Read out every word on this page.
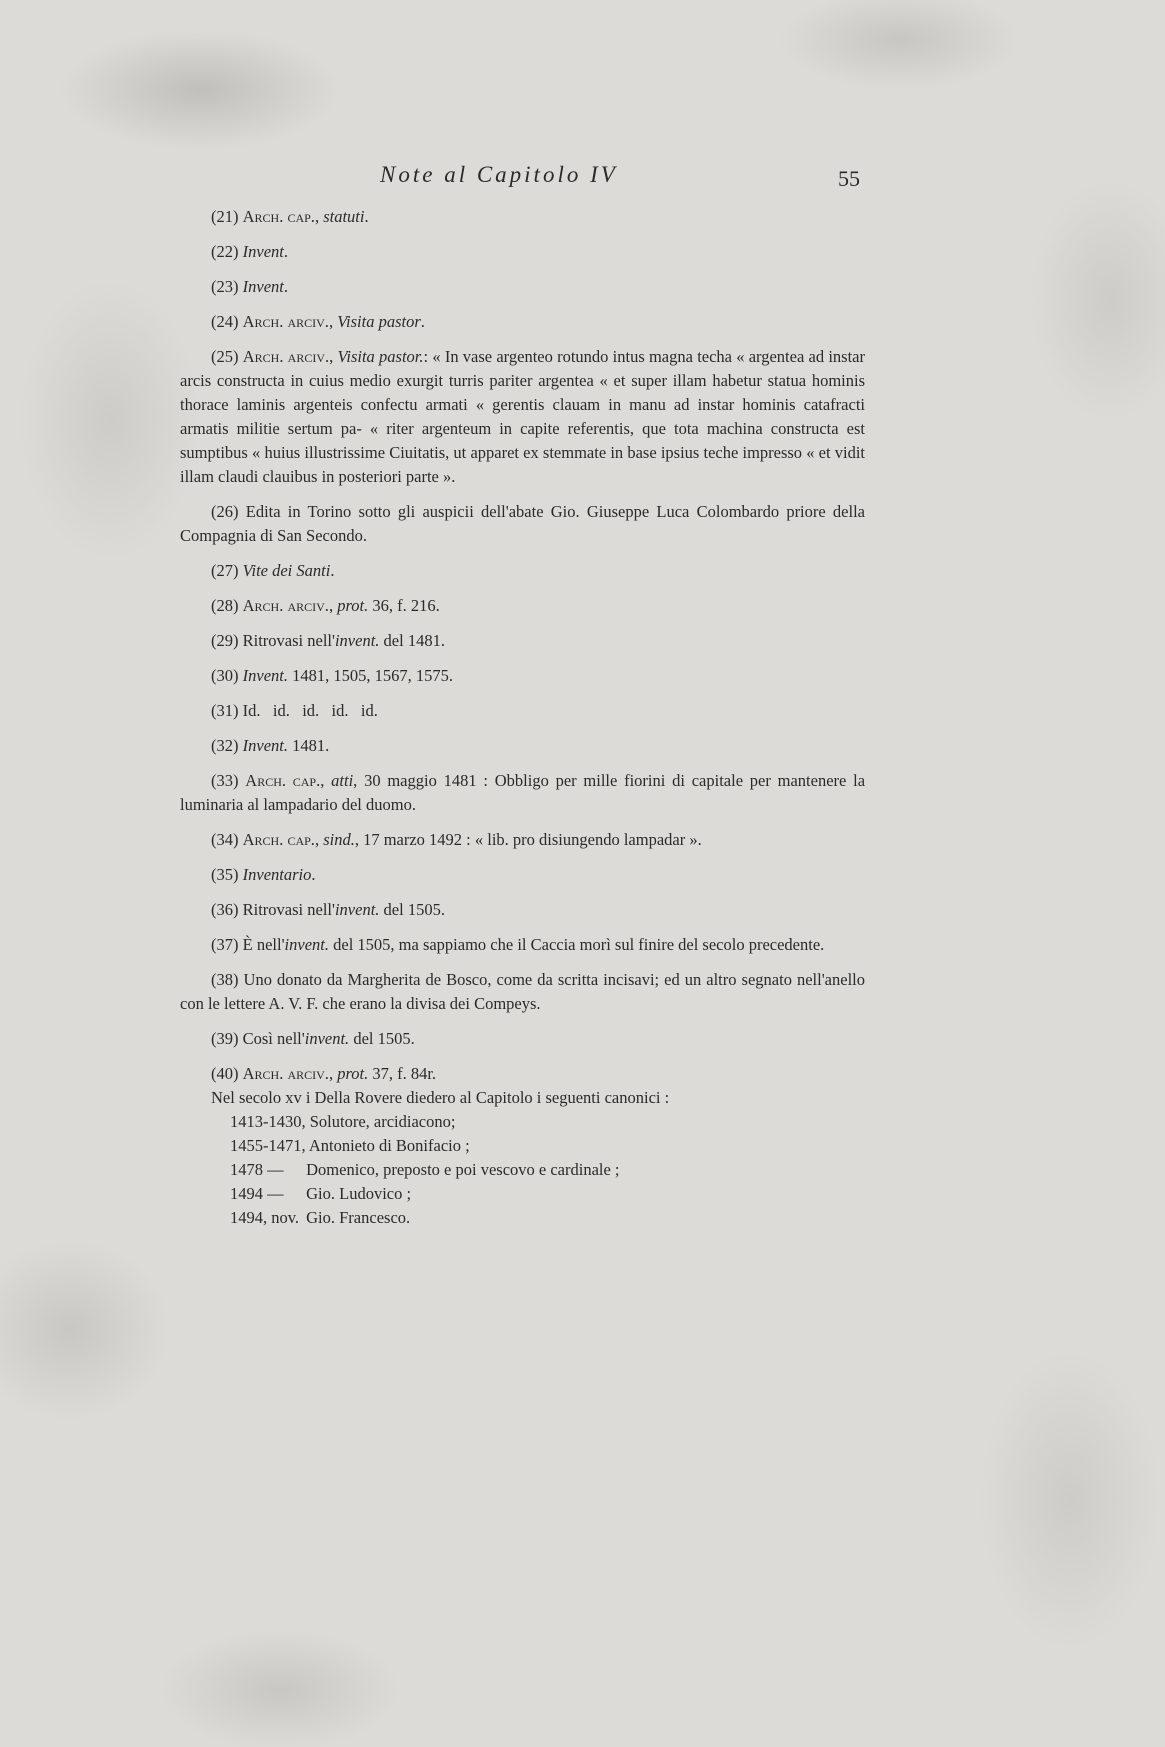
Note al Capitolo IV	55

(21) Arch. cap., statuti.

(22) Invent.

(23) Invent.

(24) Arch. arciv., Visita pastor.

(25) Arch. arciv., Visita pastor.: « In vase argenteo rotundo intus magna techa « argentea ad instar arcis constructa in cuius medio exurgit turris pariter argentea « et super illam habetur statua hominis thorace laminis argenteis confectu armati « gerentis clauam in manu ad instar hominis catafracti armatis militie sertum pa- « riter argenteum in capite referentis, que tota machina constructa est sumptibus « huius illustrissime Ciuitatis, ut apparet ex stemmate in base ipsius teche impresso « et vidit illam claudi clauibus in posteriori parte ».

(26) Edita in Torino sotto gli auspicii dell'abate Gio. Giuseppe Luca Colombardo priore della Compagnia di San Secondo.

(27) Vite dei Santi.

(28) Arch. arciv., prot. 36, f. 216.

(29) Ritrovasi nell'invent. del 1481.

(30) Invent. 1481, 1505, 1567, 1575.

(31) Id.   id.   id.   id.   id.

(32) Invent. 1481.

(33) Arch. cap., atti, 30 maggio 1481 : Obbligo per mille fiorini di capitale per mantenere la luminaria al lampadario del duomo.

(34) Arch. cap., sind., 17 marzo 1492 : « lib. pro disiungendo lampadar ».

(35) Inventario.

(36) Ritrovasi nell'invent. del 1505.

(37) È nell'invent. del 1505, ma sappiamo che il Caccia morì sul finire del secolo precedente.

(38) Uno donato da Margherita de Bosco, come da scritta incisavi; ed un altro segnato nell'anello con le lettere A. V. F. che erano la divisa dei Compeys.

(39) Così nell'invent. del 1505.

(40) Arch. arciv., prot. 37, f. 84r.

Nel secolo xv i Della Rovere diedero al Capitolo i seguenti canonici :

1413-1430, Solutore, arcidiacono;
1455-1471, Antonieto di Bonifacio ;
1478 — Domenico, preposto e poi vescovo e cardinale ;
1494 — Gio. Ludovico ;
1494, nov. Gio. Francesco.
